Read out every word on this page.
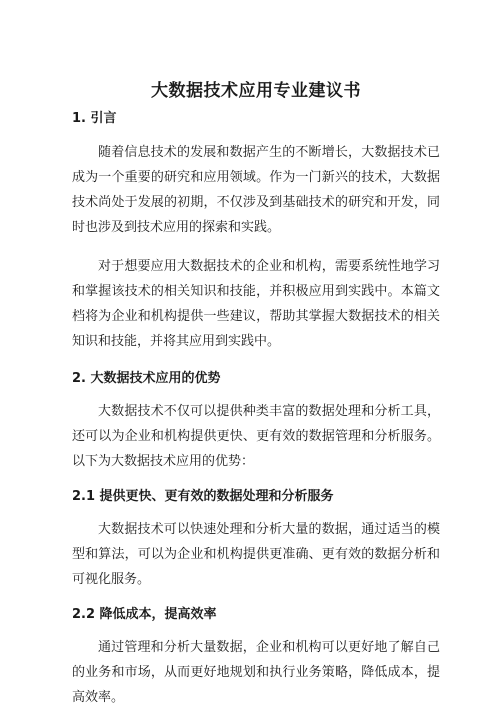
大数据技术应用专业建议书
1. 引言

随着信息技术的发展和数据产生的不断增长，大数据技术已成为一个重要的研究和应用领域。作为一门新兴的技术，大数据技术尚处于发展的初期，不仅涉及到基础技术的研究和开发，同时也涉及到技术应用的探索和实践。

对于想要应用大数据技术的企业和机构，需要系统性地学习和掌握该技术的相关知识和技能，并积极应用到实践中。本篇文档将为企业和机构提供一些建议，帮助其掌握大数据技术的相关知识和技能，并将其应用到实践中。

2. 大数据技术应用的优势

大数据技术不仅可以提供种类丰富的数据处理和分析工具，还可以为企业和机构提供更快、更有效的数据管理和分析服务。以下为大数据技术应用的优势：

2.1 提供更快、更有效的数据处理和分析服务

大数据技术可以快速处理和分析大量的数据，通过适当的模型和算法，可以为企业和机构提供更准确、更有效的数据分析和可视化服务。

2.2 降低成本，提高效率

通过管理和分析大量数据，企业和机构可以更好地了解自己的业务和市场，从而更好地规划和执行业务策略，降低成本，提高效率。
